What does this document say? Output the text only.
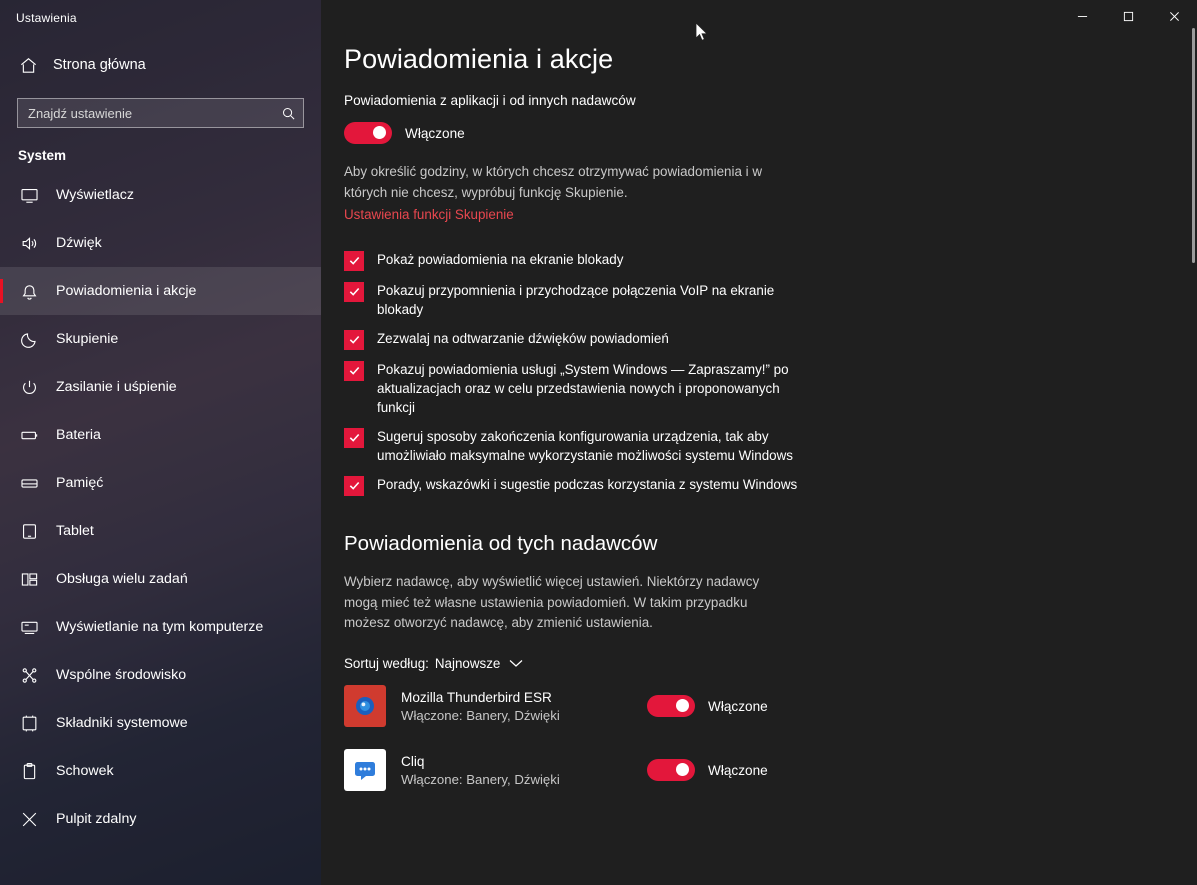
Ustawienia
Strona główna
Znajdź ustawienie
System
Wyświetlacz
Dźwięk
Powiadomienia i akcje
Skupienie
Zasilanie i uśpienie
Bateria
Pamięć
Tablet
Obsługa wielu zadań
Wyświetlanie na tym komputerze
Wspólne środowisko
Składniki systemowe
Schowek
Pulpit zdalny
Powiadomienia i akcje
Powiadomienia z aplikacji i od innych nadawców
Włączone
Aby określić godziny, w których chcesz otrzymywać powiadomienia i w których nie chcesz, wypróbuj funkcję Skupienie.
Ustawienia funkcji Skupienie
Pokaż powiadomienia na ekranie blokady
Pokazuj przypomnienia i przychodzące połączenia VoIP na ekranie blokady
Zezwalaj na odtwarzanie dźwięków powiadomień
Pokazuj powiadomienia usługi „System Windows — Zapraszamy!” po aktualizacjach oraz w celu przedstawienia nowych i proponowanych funkcji
Sugeruj sposoby zakończenia konfigurowania urządzenia, tak aby umożliwiało maksymalne wykorzystanie możliwości systemu Windows
Porady, wskazówki i sugestie podczas korzystania z systemu Windows
Powiadomienia od tych nadawców
Wybierz nadawcę, aby wyświetlić więcej ustawień. Niektórzy nadawcy mogą mieć też własne ustawienia powiadomień. W takim przypadku możesz otworzyć nadawcę, aby zmienić ustawienia.
Sortuj według: Najnowsze
Mozilla Thunderbird ESR
Włączone: Banery, Dźwięki
Włączone
Cliq
Włączone: Banery, Dźwięki
Włączone
